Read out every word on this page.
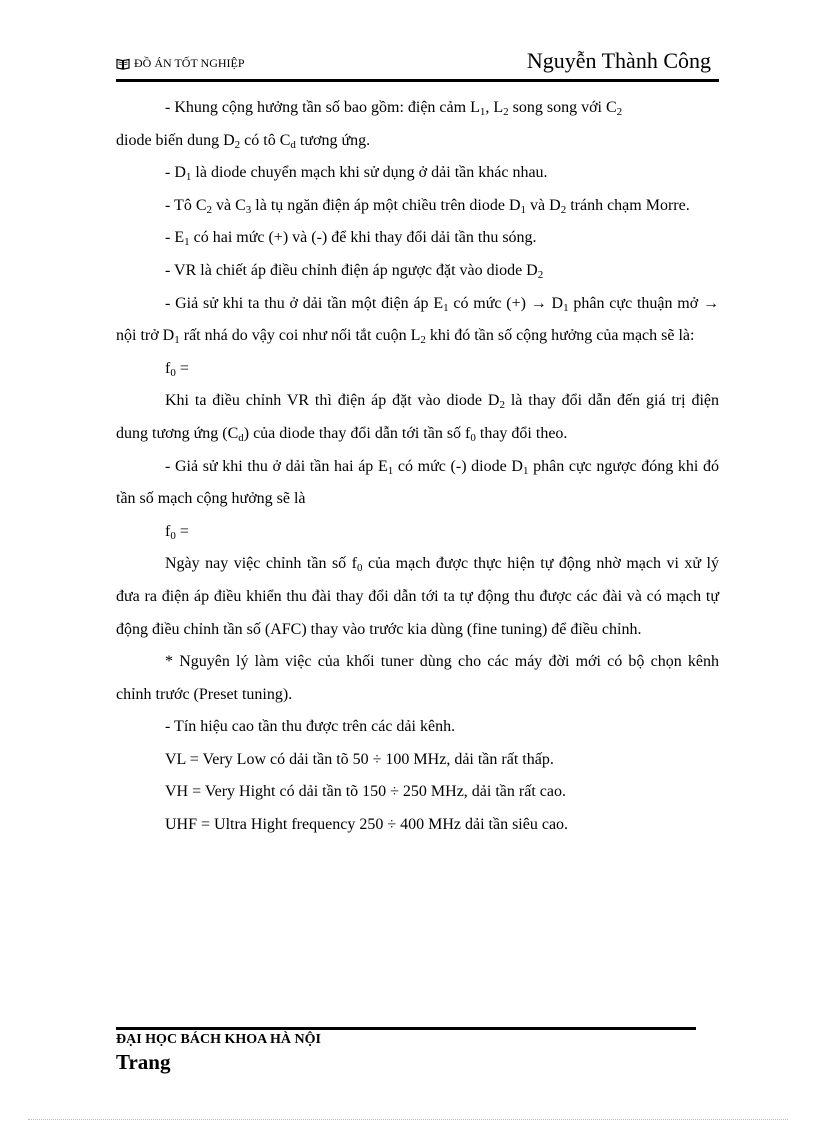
ĐỒ ÁN TỐT NGHIỆP	Nguyễn Thành Công

- Khung cộng hưởng tần số bao gồm: điện cảm $L_1$, $L_2$ song song với $C_2$
diode biến dung $D_2$ có tô $C_d$ tương ứng.

- $D_1$ là diode chuyển mạch khi sử dụng ở dải tần khác nhau.

- Tô $C_2$ và $C_3$ là tụ ngăn điện áp một chiều trên diode $D_1$ và $D_2$ tránh chạm Morre.

- $E_1$ có hai mức (+) và (-) để khi thay đổi dải tần thu sóng.

- VR là chiết áp điều chỉnh điện áp ngược đặt vào diode $D_2$

- Giả sử khi ta thu ở dải tần một điện áp $E_1$ có mức (+) → $D_1$ phân cực thuận mở → nội trở $D_1$ rất nhá do vậy coi như nối tắt cuộn $L_2$ khi đó tần số cộng hưởng của mạch sẽ là:

$f_0$ =

Khi ta điều chỉnh VR thì điện áp đặt vào diode $D_2$ là thay đổi dẫn đến giá trị điện dung tương ứng $(C_d)$ của diode thay đổi dẫn tới tần số $f_0$ thay đổi theo.

- Giả sử khi thu ở dải tần hai áp $E_1$ có mức (-) diode $D_1$ phân cực ngược đóng khi đó tần số mạch cộng hưởng sẽ là

$f_0$ =

Ngày nay việc chỉnh tần số $f_0$ của mạch được thực hiện tự động nhờ mạch vi xử lý đưa ra điện áp điều khiển thu đài thay đổi dẫn tới ta tự động thu được các đài và có mạch tự động điều chỉnh tần số (AFC) thay vào trước kia dùng (fine tuning) để điều chỉnh.

* Nguyên lý làm việc của khối tuner dùng cho các máy đời mới có bộ chọn kênh chỉnh trước (Preset tuning).

- Tín hiệu cao tần thu được trên các dải kênh.

VL = Very Low có dải tần tõ 50 ÷ 100 MHz, dải tần rất thấp.

VH = Very Hight có dải tần tõ 150 ÷ 250 MHz, dải tần rất cao.

UHF = Ultra Hight frequency 250 ÷ 400 MHz dải tần siêu cao.

ĐẠI HỌC BÁCH KHOA HÀ NỘI
Trang
